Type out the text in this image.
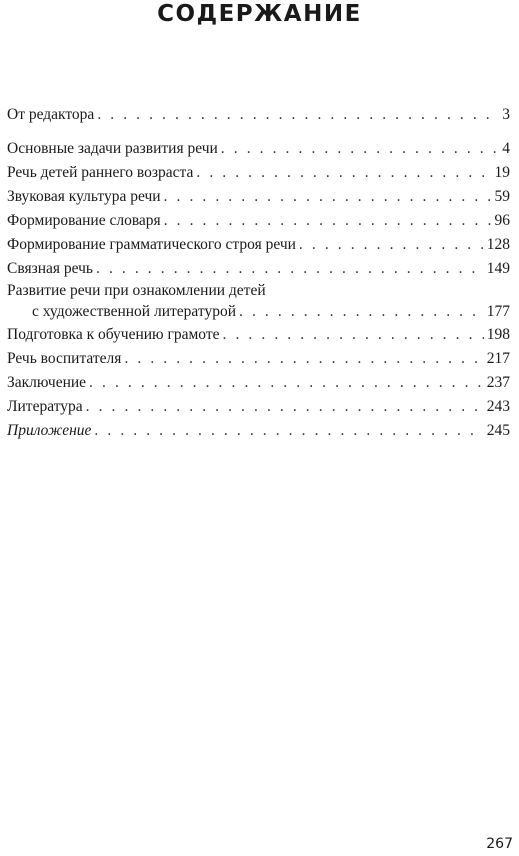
СОДЕРЖАНИЕ
От редактора . . .	3
Основные задачи развития речи . . .	4
Речь детей раннего возраста . . .	19
Звуковая культура речи . . .	59
Формирование словаря . . .	96
Формирование грамматического строя речи . . .	128
Связная речь . . .	149
Развитие речи при ознакомлении детей
с художественной литературой . . .	177
Подготовка к обучению грамоте . . .	198
Речь воспитателя . . .	217
Заключение . . .	237
Литература . . .	243
Приложение . . .	245
267
